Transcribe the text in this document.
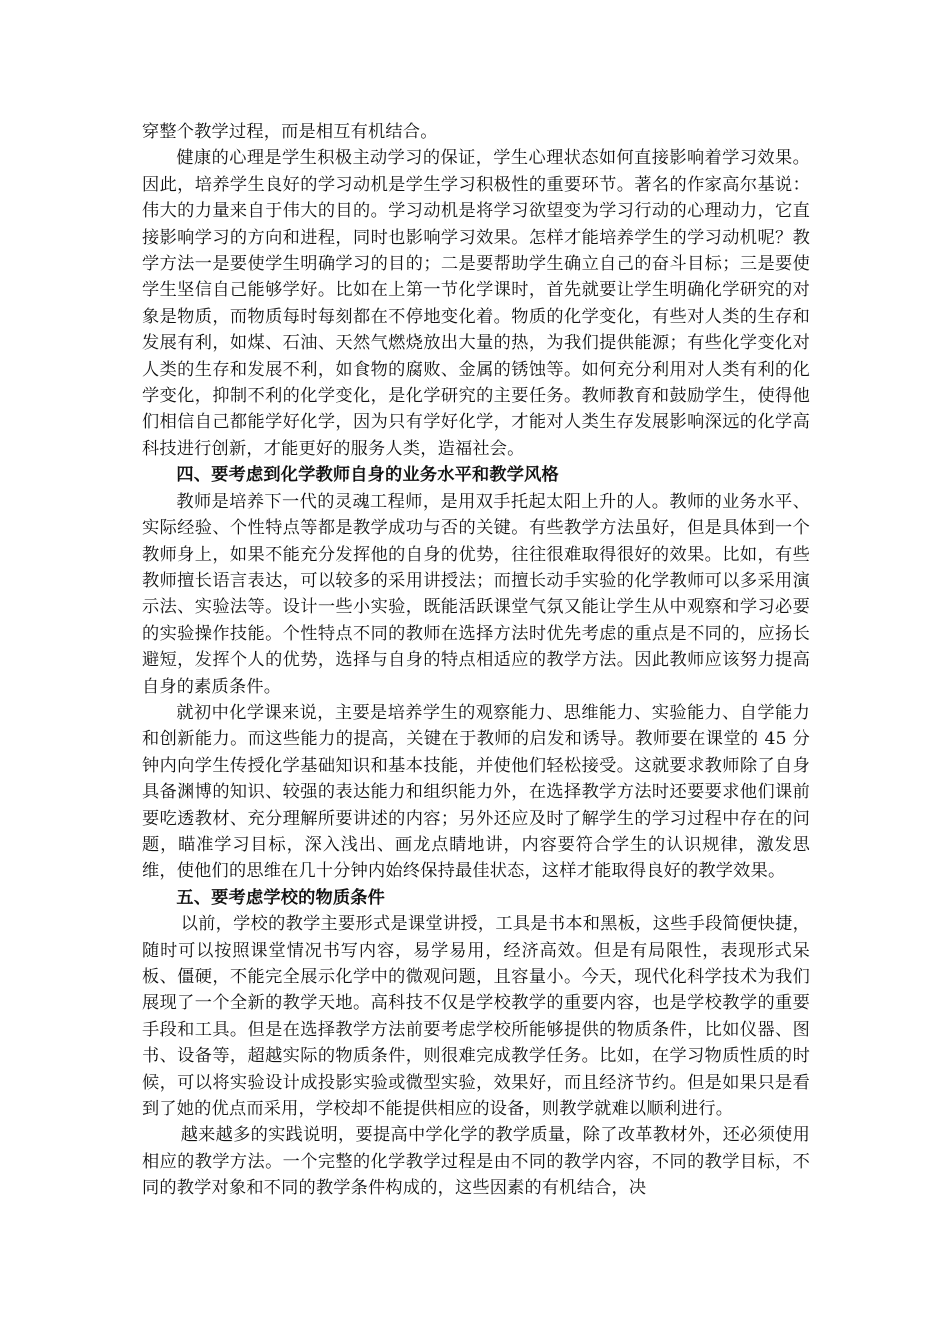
穿整个教学过程，而是相互有机结合。

健康的心理是学生积极主动学习的保证，学生心理状态如何直接影响着学习效果。因此，培养学生良好的学习动机是学生学习积极性的重要环节。著名的作家高尔基说：伟大的力量来自于伟大的目的。学习动机是将学习欲望变为学习行动的心理动力，它直接影响学习的方向和进程，同时也影响学习效果。怎样才能培养学生的学习动机呢？教学方法一是要使学生明确学习的目的；二是要帮助学生确立自己的奋斗目标；三是要使学生坚信自己能够学好。比如在上第一节化学课时，首先就要让学生明确化学研究的对象是物质，而物质每时每刻都在不停地变化着。物质的化学变化，有些对人类的生存和发展有利，如煤、石油、天然气燃烧放出大量的热，为我们提供能源；有些化学变化对人类的生存和发展不利，如食物的腐败、金属的锈蚀等。如何充分利用对人类有利的化学变化，抑制不利的化学变化，是化学研究的主要任务。教师教育和鼓励学生，使得他们相信自己都能学好化学，因为只有学好化学，才能对人类生存发展影响深远的化学高科技进行创新，才能更好的服务人类，造福社会。

四、要考虑到化学教师自身的业务水平和教学风格

教师是培养下一代的灵魂工程师，是用双手托起太阳上升的人。教师的业务水平、实际经验、个性特点等都是教学成功与否的关键。有些教学方法虽好，但是具体到一个教师身上，如果不能充分发挥他的自身的优势，往往很难取得很好的效果。比如，有些教师擅长语言表达，可以较多的采用讲授法；而擅长动手实验的化学教师可以多采用演示法、实验法等。设计一些小实验，既能活跃课堂气氛又能让学生从中观察和学习必要的实验操作技能。个性特点不同的教师在选择方法时优先考虑的重点是不同的，应扬长避短，发挥个人的优势，选择与自身的特点相适应的教学方法。因此教师应该努力提高自身的素质条件。

就初中化学课来说，主要是培养学生的观察能力、思维能力、实验能力、自学能力和创新能力。而这些能力的提高，关键在于教师的启发和诱导。教师要在课堂的 45 分钟内向学生传授化学基础知识和基本技能，并使他们轻松接受。这就要求教师除了自身具备渊博的知识、较强的表达能力和组织能力外，在选择教学方法时还要要求他们课前要吃透教材、充分理解所要讲述的内容；另外还应及时了解学生的学习过程中存在的问题，瞄准学习目标，深入浅出、画龙点睛地讲，内容要符合学生的认识规律，激发思维，使他们的思维在几十分钟内始终保持最佳状态，这样才能取得良好的教学效果。

五、要考虑学校的物质条件

以前，学校的教学主要形式是课堂讲授，工具是书本和黑板，这些手段简便快捷，随时可以按照课堂情况书写内容，易学易用，经济高效。但是有局限性，表现形式呆板、僵硬，不能完全展示化学中的微观问题，且容量小。今天，现代化科学技术为我们展现了一个全新的教学天地。高科技不仅是学校教学的重要内容，也是学校教学的重要手段和工具。但是在选择教学方法前要考虑学校所能够提供的物质条件，比如仪器、图书、设备等，超越实际的物质条件，则很难完成教学任务。比如，在学习物质性质的时候，可以将实验设计成投影实验或微型实验，效果好，而且经济节约。但是如果只是看到了她的优点而采用，学校却不能提供相应的设备，则教学就难以顺利进行。

越来越多的实践说明，要提高中学化学的教学质量，除了改革教材外，还必须使用相应的教学方法。一个完整的化学教学过程是由不同的教学内容，不同的教学目标，不同的教学对象和不同的教学条件构成的，这些因素的有机结合，决
